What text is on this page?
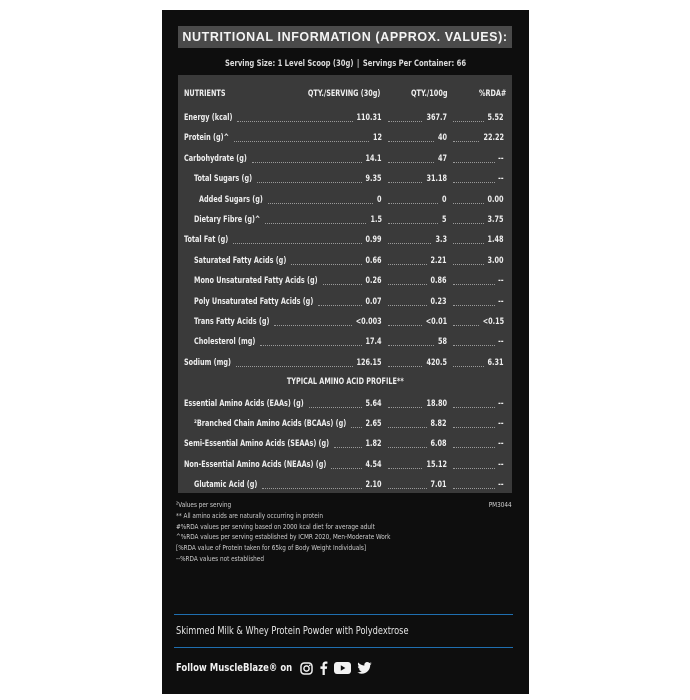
NUTRITIONAL INFORMATION (APPROX. VALUES):
Serving Size: 1 Level Scoop (30g) | Servings Per Container: 66
NUTRIENTS	QTY./SERVING (30g)	QTY./100g	%RDA#
Energy (kcal)	110.31	367.7	5.52
Protein (g)^	12	40	22.22
Carbohydrate (g)	14.1	47	--
Total Sugars (g)	9.35	31.18	--
Added Sugars (g)	0	0	0.00
Dietary Fibre (g)^	1.5	5	3.75
Total Fat (g)	0.99	3.3	1.48
Saturated Fatty Acids (g)	0.66	2.21	3.00
Mono Unsaturated Fatty Acids (g)	0.26	0.86	--
Poly Unsaturated Fatty Acids (g)	0.07	0.23	--
Trans Fatty Acids (g)	<0.003	<0.01	<0.15
Cholesterol (mg)	17.4	58	--
Sodium (mg)	126.15	420.5	6.31
TYPICAL AMINO ACID PROFILE**
Essential Amino Acids (EAAs) (g)	5.64	18.80	--
²Branched Chain Amino Acids (BCAAs) (g) 2.65	8.82	--
Semi-Essential Amino Acids (SEAAs) (g)	1.82	6.08	--
Non-Essential Amino Acids (NEAAs) (g)	4.54	15.12	--
Glutamic Acid (g)	2.10	7.01	--
²Values per serving
** All amino acids are naturally occurring in protein
#%RDA values per serving based on 2000 kcal diet for average adult
^%RDA values per serving established by ICMR 2020, Men-Moderate Work
[%RDA value of Protein taken for 65kg of Body Weight Individuals]
--%RDA values not established
PM3044
Skimmed Milk & Whey Protein Powder with Polydextrose
Follow MuscleBlaze® on
